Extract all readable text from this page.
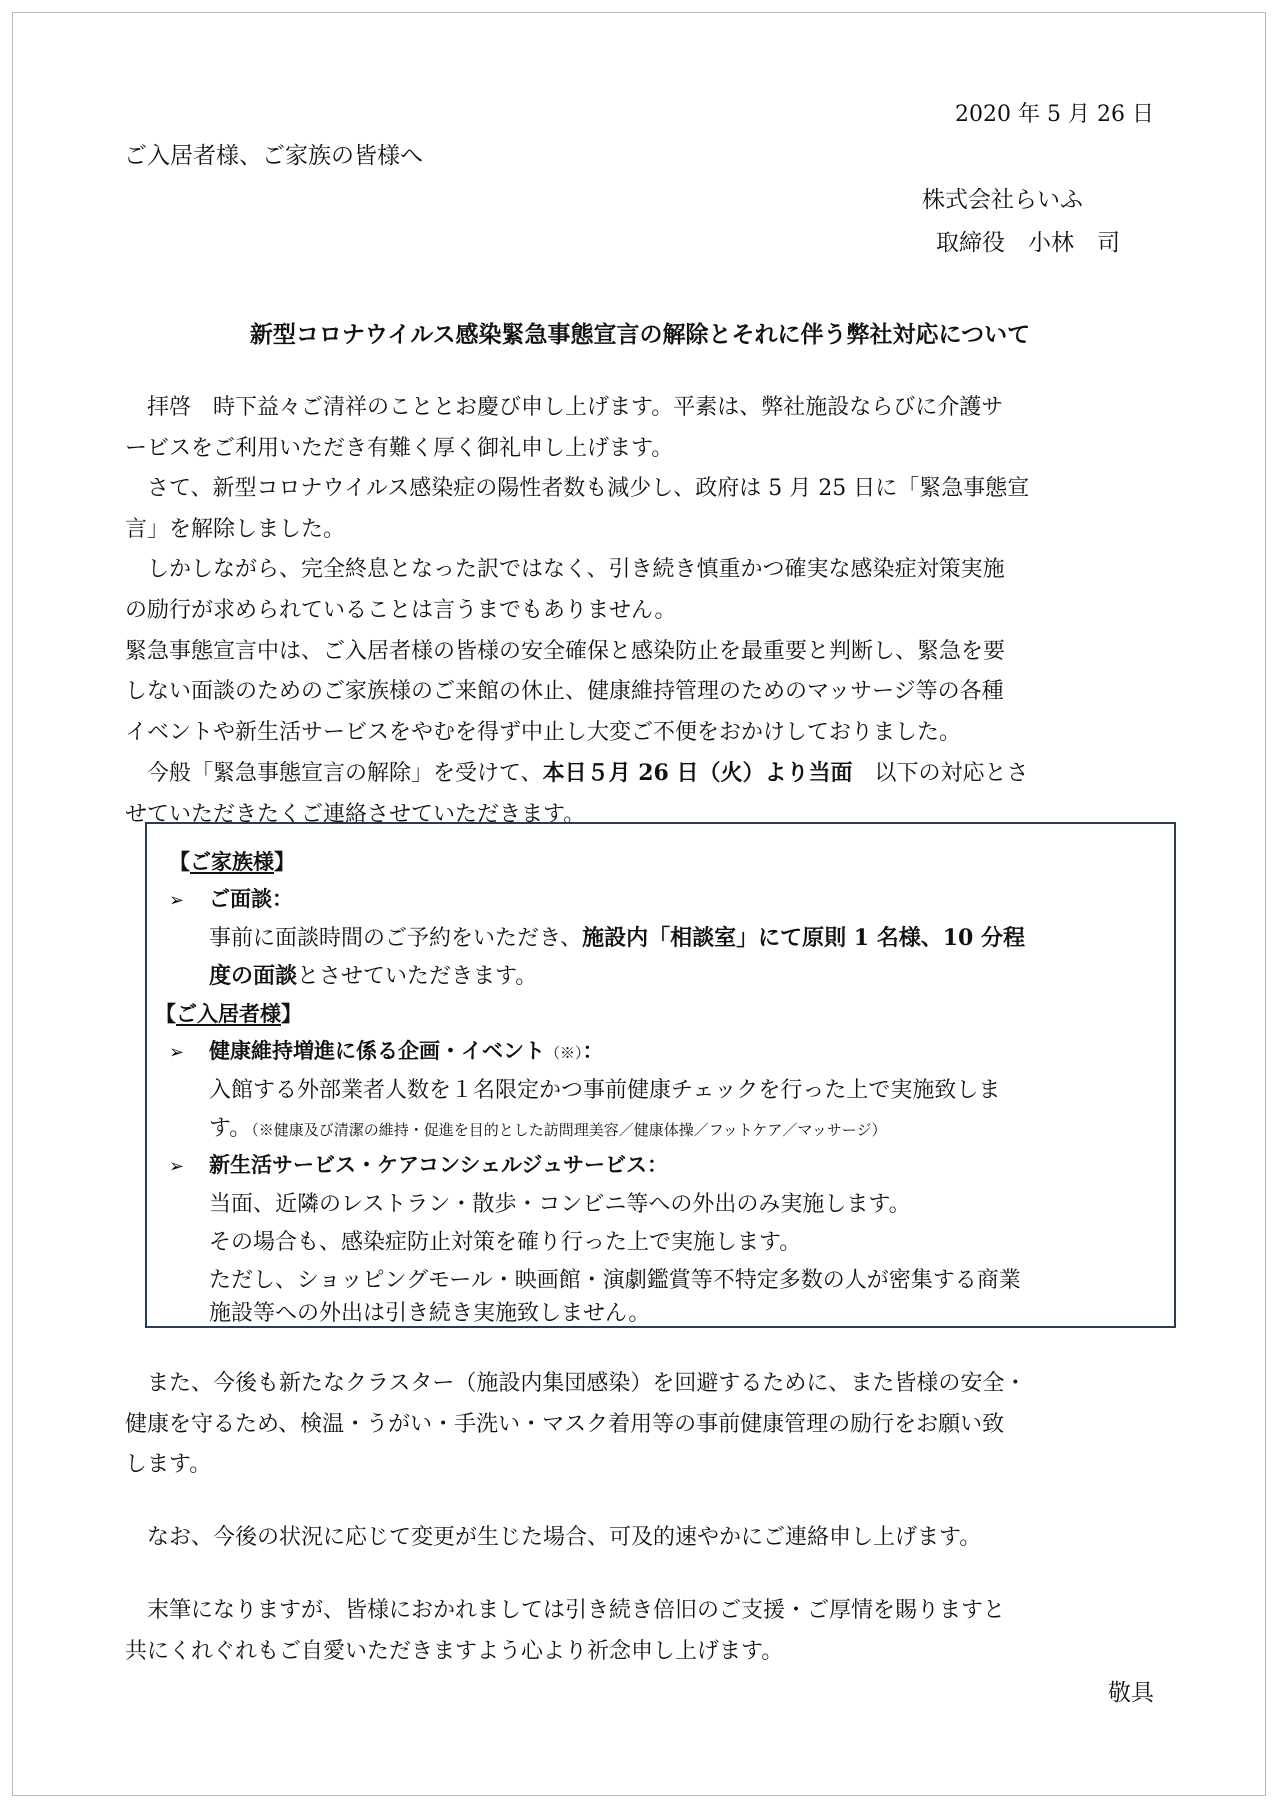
2020 年 5 月 26 日

ご入居者様、ご家族の皆様へ

株式会社らいふ

取締役　小林　司

新型コロナウイルス感染緊急事態宣言の解除とそれに伴う弊社対応について

拝啓　時下益々ご清祥のこととお慶び申し上げます。平素は、弊社施設ならびに介護サ
ービスをご利用いただき有難く厚く御礼申し上げます。
さて、新型コロナウイルス感染症の陽性者数も減少し、政府は 5 月 25 日に「緊急事態宣
言」を解除しました。
しかしながら、完全終息となった訳ではなく、引き続き慎重かつ確実な感染症対策実施
の励行が求められていることは言うまでもありません。
緊急事態宣言中は、ご入居者様の皆様の安全確保と感染防止を最重要と判断し、緊急を要
しない面談のためのご家族様のご来館の休止、健康維持管理のためのマッサージ等の各種
イベントや新生活サービスをやむを得ず中止し大変ご不便をおかけしておりました。
今般「緊急事態宣言の解除」を受けて、本日５月 26 日（火）より当面　以下の対応とさ
せていただきたくご連絡させていただきます。

【ご家族様】

➢ ご面談：

事前に面談時間のご予約をいただき、施設内「相談室」にて原則 1 名様、10 分程

度の面談とさせていただきます。

【ご入居者様】

➢ 健康維持増進に係る企画・イベント（※）：

入館する外部業者人数を１名限定かつ事前健康チェックを行った上で実施致しま

す。（※健康及び清潔の維持・促進を目的とした訪問理美容／健康体操／フットケア／マッサージ）

➢ 新生活サービス・ケアコンシェルジュサービス：

当面、近隣のレストラン・散歩・コンビニ等への外出のみ実施します。

その場合も、感染症防止対策を確り行った上で実施します。

ただし、ショッピングモール・映画館・演劇鑑賞等不特定多数の人が密集する商業

施設等への外出は引き続き実施致しません。

また、今後も新たなクラスター（施設内集団感染）を回避するために、また皆様の安全・
健康を守るため、検温・うがい・手洗い・マスク着用等の事前健康管理の励行をお願い致
します。
なお、今後の状況に応じて変更が生じた場合、可及的速やかにご連絡申し上げます。
末筆になりますが、皆様におかれましては引き続き倍旧のご支援・ご厚情を賜りますと
共にくれぐれもご自愛いただきますよう心より祈念申し上げます。

敬具
